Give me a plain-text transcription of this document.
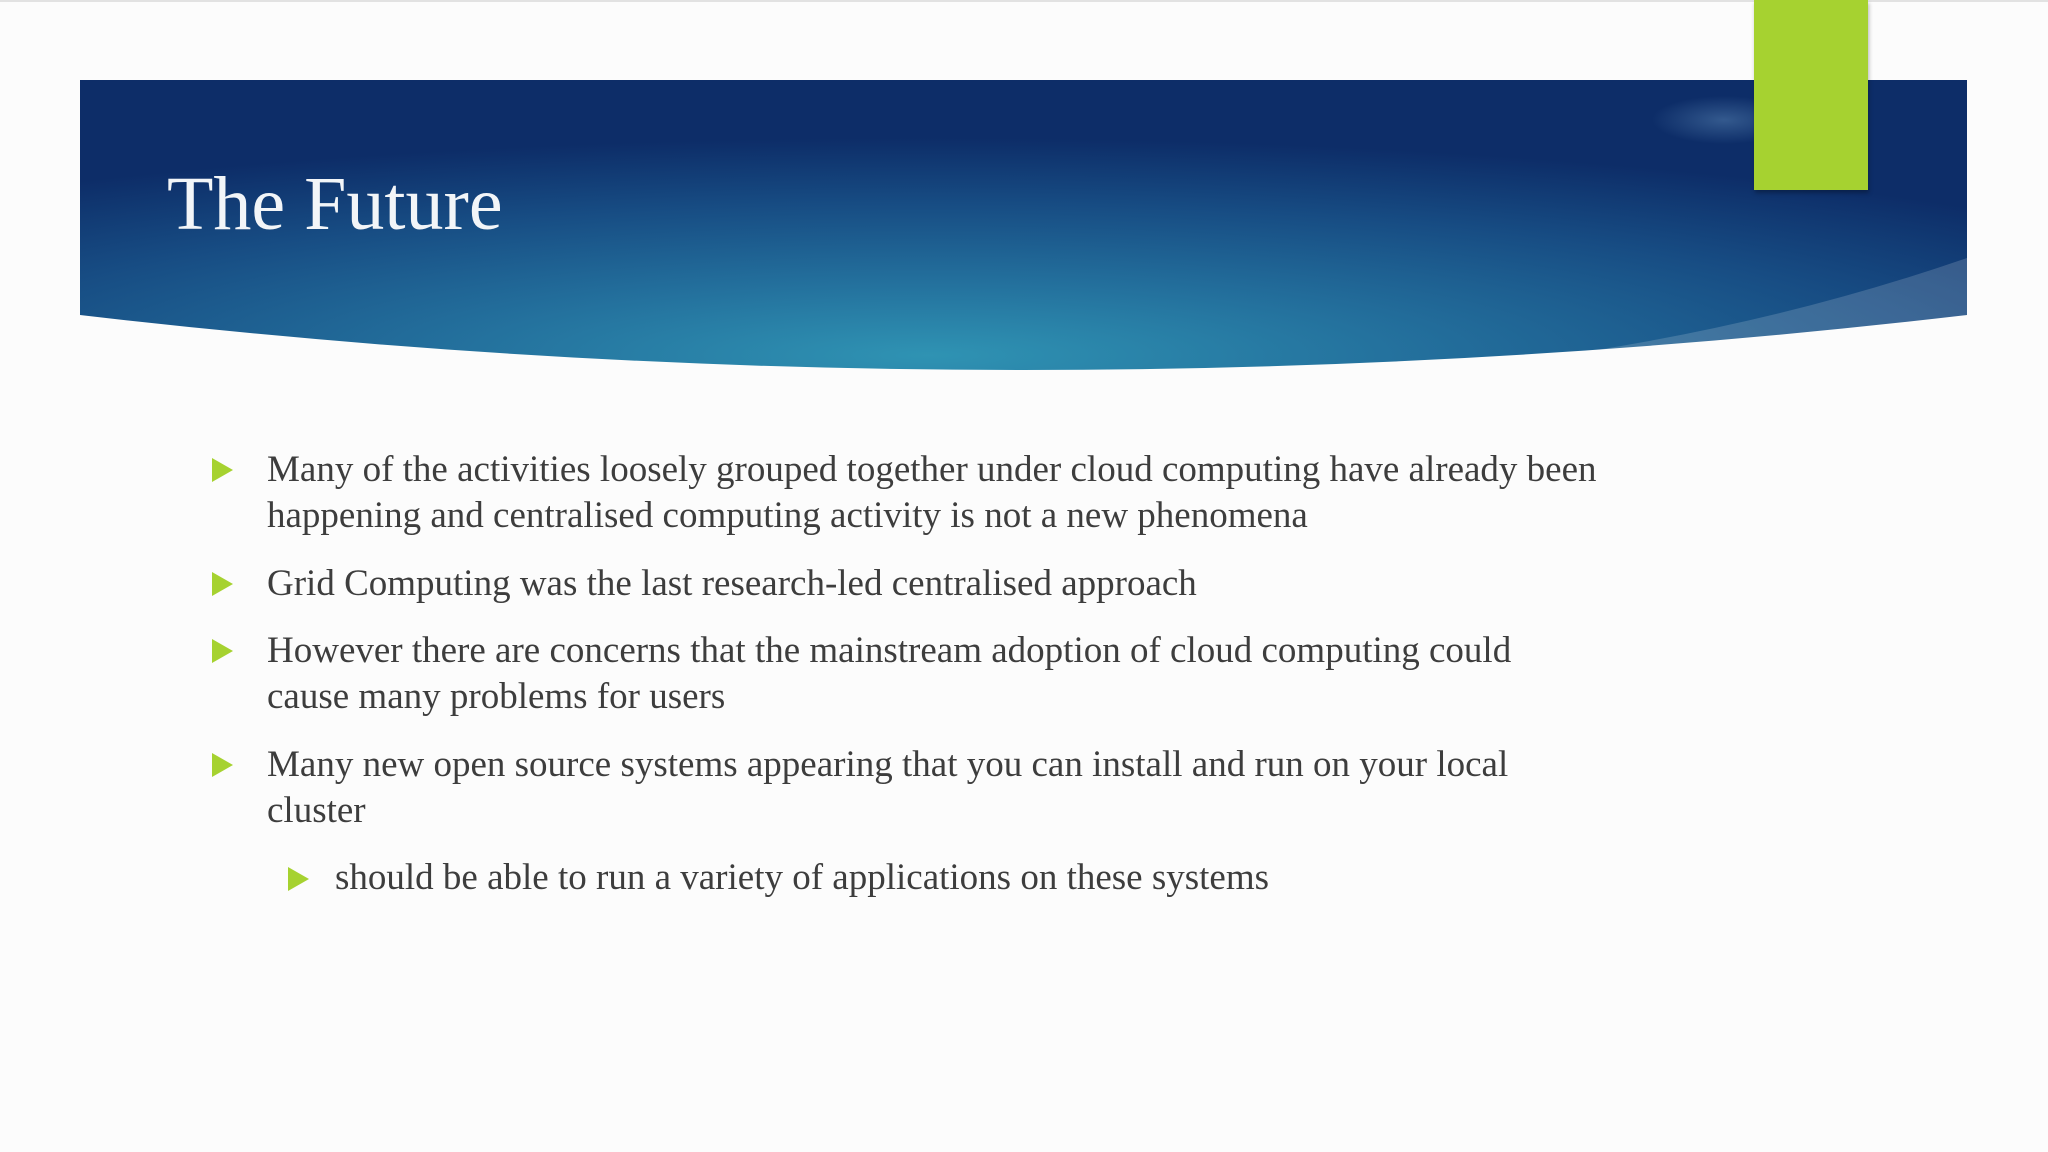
The Future
Many of the activities loosely grouped together under cloud computing have already been
happening and centralised computing activity is not a new phenomena
Grid Computing was the last research-led centralised approach
However there are concerns that the mainstream adoption of cloud computing could
cause many problems for users
Many new open source systems appearing that you can install and run on your local
cluster
should be able to run a variety of applications on these systems
